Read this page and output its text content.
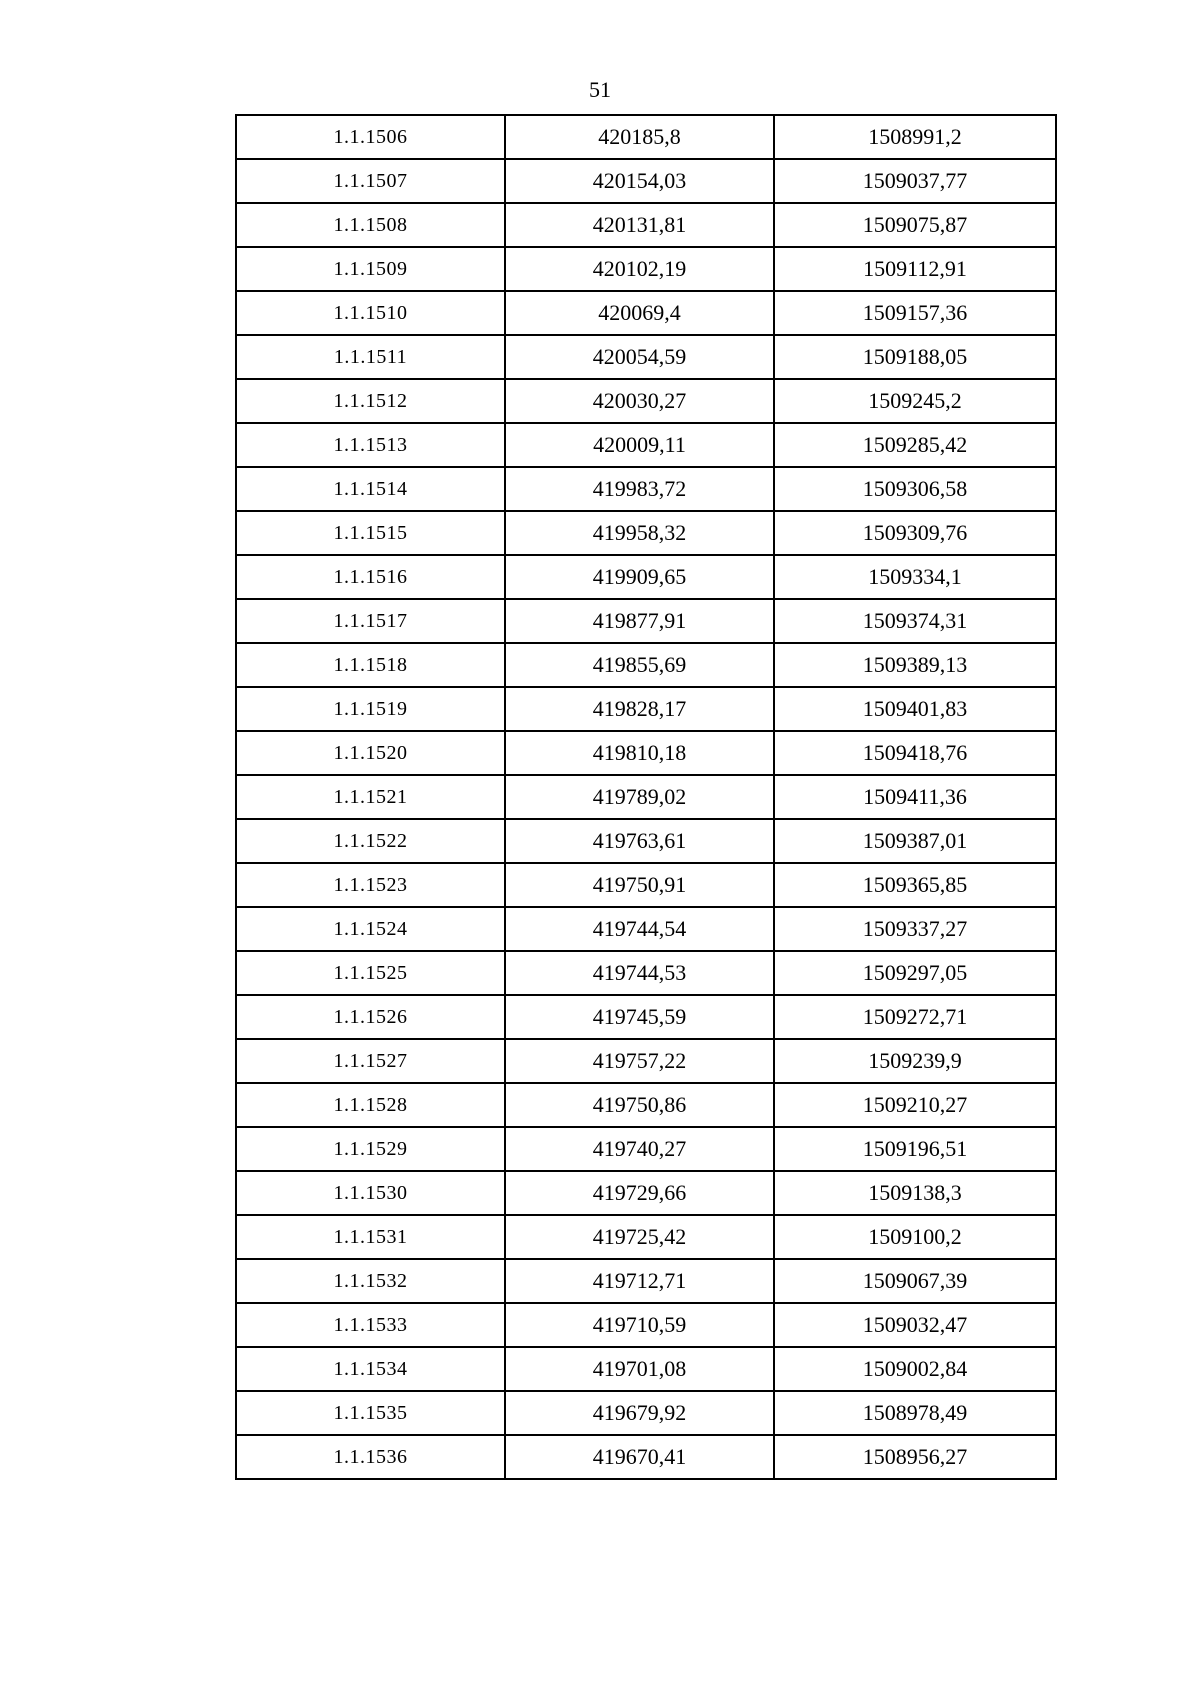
51
1.1.1506	420185,8	1508991,2
1.1.1507	420154,03	1509037,77
1.1.1508	420131,81	1509075,87
1.1.1509	420102,19	1509112,91
1.1.1510	420069,4	1509157,36
1.1.1511	420054,59	1509188,05
1.1.1512	420030,27	1509245,2
1.1.1513	420009,11	1509285,42
1.1.1514	419983,72	1509306,58
1.1.1515	419958,32	1509309,76
1.1.1516	419909,65	1509334,1
1.1.1517	419877,91	1509374,31
1.1.1518	419855,69	1509389,13
1.1.1519	419828,17	1509401,83
1.1.1520	419810,18	1509418,76
1.1.1521	419789,02	1509411,36
1.1.1522	419763,61	1509387,01
1.1.1523	419750,91	1509365,85
1.1.1524	419744,54	1509337,27
1.1.1525	419744,53	1509297,05
1.1.1526	419745,59	1509272,71
1.1.1527	419757,22	1509239,9
1.1.1528	419750,86	1509210,27
1.1.1529	419740,27	1509196,51
1.1.1530	419729,66	1509138,3
1.1.1531	419725,42	1509100,2
1.1.1532	419712,71	1509067,39
1.1.1533	419710,59	1509032,47
1.1.1534	419701,08	1509002,84
1.1.1535	419679,92	1508978,49
1.1.1536	419670,41	1508956,27
